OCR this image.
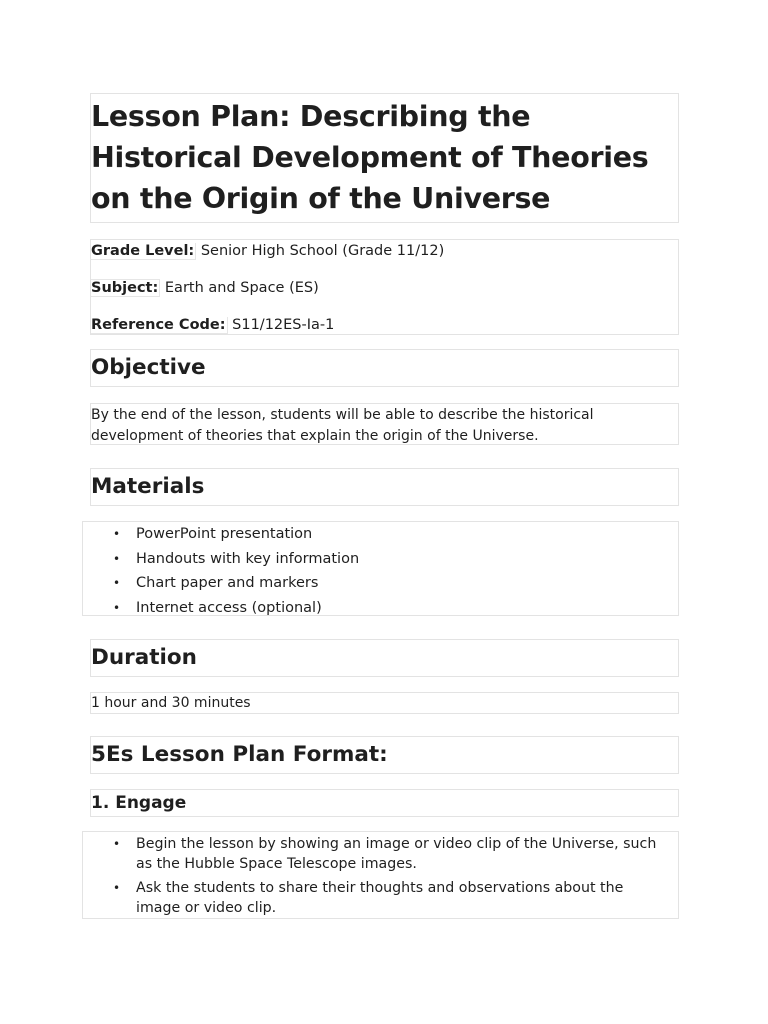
Lesson Plan: Describing the Historical Development of Theories on the Origin of the Universe
Grade Level: Senior High School (Grade 11/12)
Subject: Earth and Space (ES)
Reference Code: S11/12ES-Ia-1
Objective

By the end of the lesson, students will be able to describe the historical development of theories that explain the origin of the Universe.

Materials
• PowerPoint presentation
• Handouts with key information
• Chart paper and markers
• Internet access (optional)
Duration

1 hour and 30 minutes

5Es Lesson Plan Format:
1. Engage
• Begin the lesson by showing an image or video clip of the Universe, such as the Hubble Space Telescope images.
• Ask the students to share their thoughts and observations about the image or video clip.
